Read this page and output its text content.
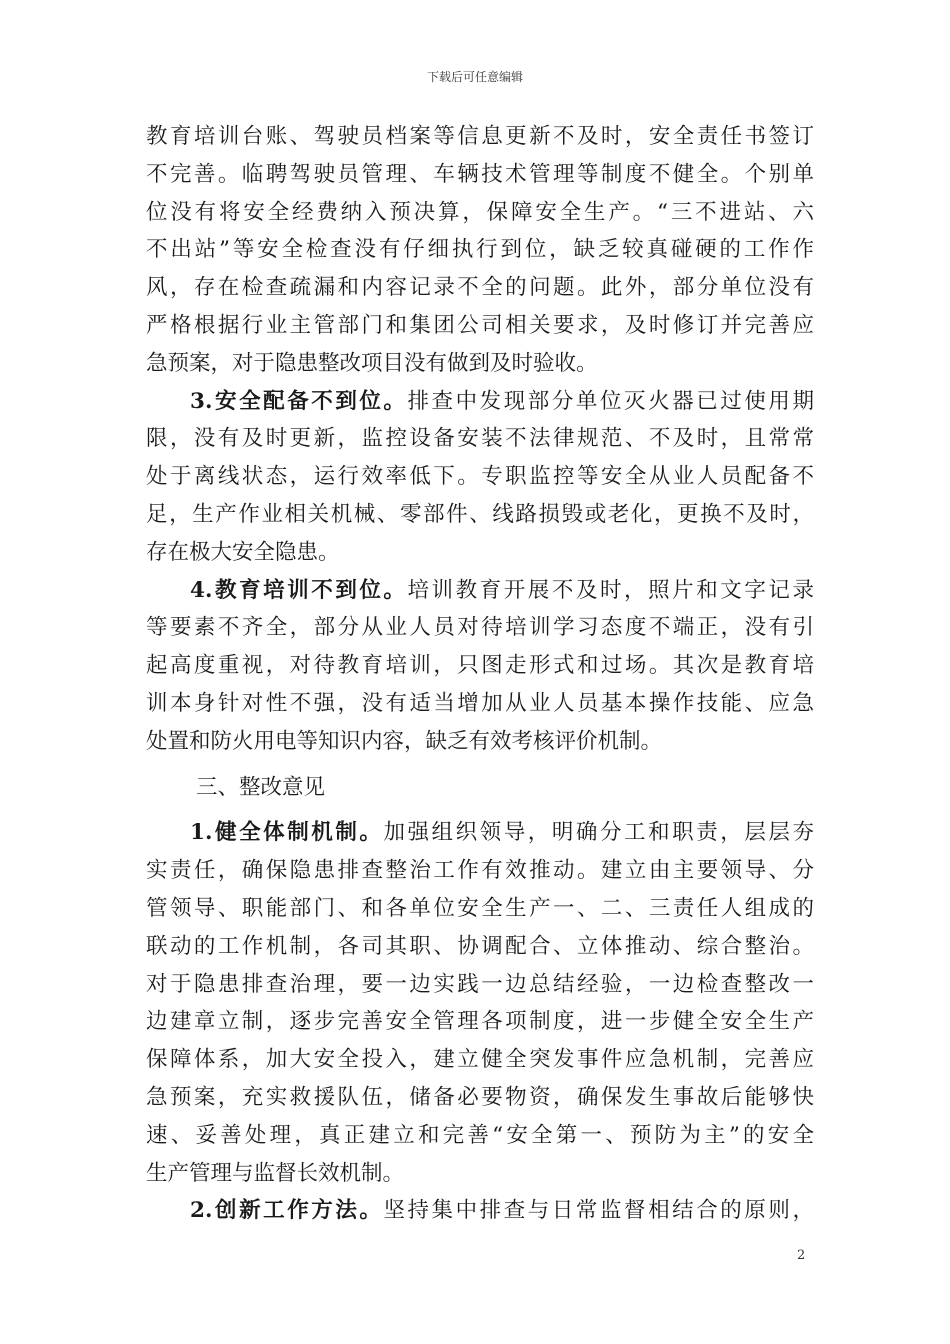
下载后可任意编辑
教育培训台账、驾驶员档案等信息更新不及时，安全责任书签订
不完善。临聘驾驶员管理、车辆技术管理等制度不健全。个别单
位没有将安全经费纳入预决算，保障安全生产。“三不进站、六
不出站”等安全检查没有仔细执行到位，缺乏较真碰硬的工作作
风，存在检查疏漏和内容记录不全的问题。此外，部分单位没有
严格根据行业主管部门和集团公司相关要求，及时修订并完善应
急预案，对于隐患整改项目没有做到及时验收。
3.安全配备不到位。排查中发现部分单位灭火器已过使用期
限，没有及时更新，监控设备安装不法律规范、不及时，且常常
处于离线状态，运行效率低下。专职监控等安全从业人员配备不
足，生产作业相关机械、零部件、线路损毁或老化，更换不及时，
存在极大安全隐患。
4.教育培训不到位。培训教育开展不及时，照片和文字记录
等要素不齐全，部分从业人员对待培训学习态度不端正，没有引
起高度重视，对待教育培训，只图走形式和过场。其次是教育培
训本身针对性不强，没有适当增加从业人员基本操作技能、应急
处置和防火用电等知识内容，缺乏有效考核评价机制。
三、整改意见
1.健全体制机制。加强组织领导，明确分工和职责，层层夯
实责任，确保隐患排查整治工作有效推动。建立由主要领导、分
管领导、职能部门、和各单位安全生产一、二、三责任人组成的
联动的工作机制，各司其职、协调配合、立体推动、综合整治。
对于隐患排查治理，要一边实践一边总结经验，一边检查整改一
边建章立制，逐步完善安全管理各项制度，进一步健全安全生产
保障体系，加大安全投入，建立健全突发事件应急机制，完善应
急预案，充实救援队伍，储备必要物资，确保发生事故后能够快
速、妥善处理，真正建立和完善“安全第一、预防为主”的安全
生产管理与监督长效机制。
2.创新工作方法。坚持集中排查与日常监督相结合的原则，
2
